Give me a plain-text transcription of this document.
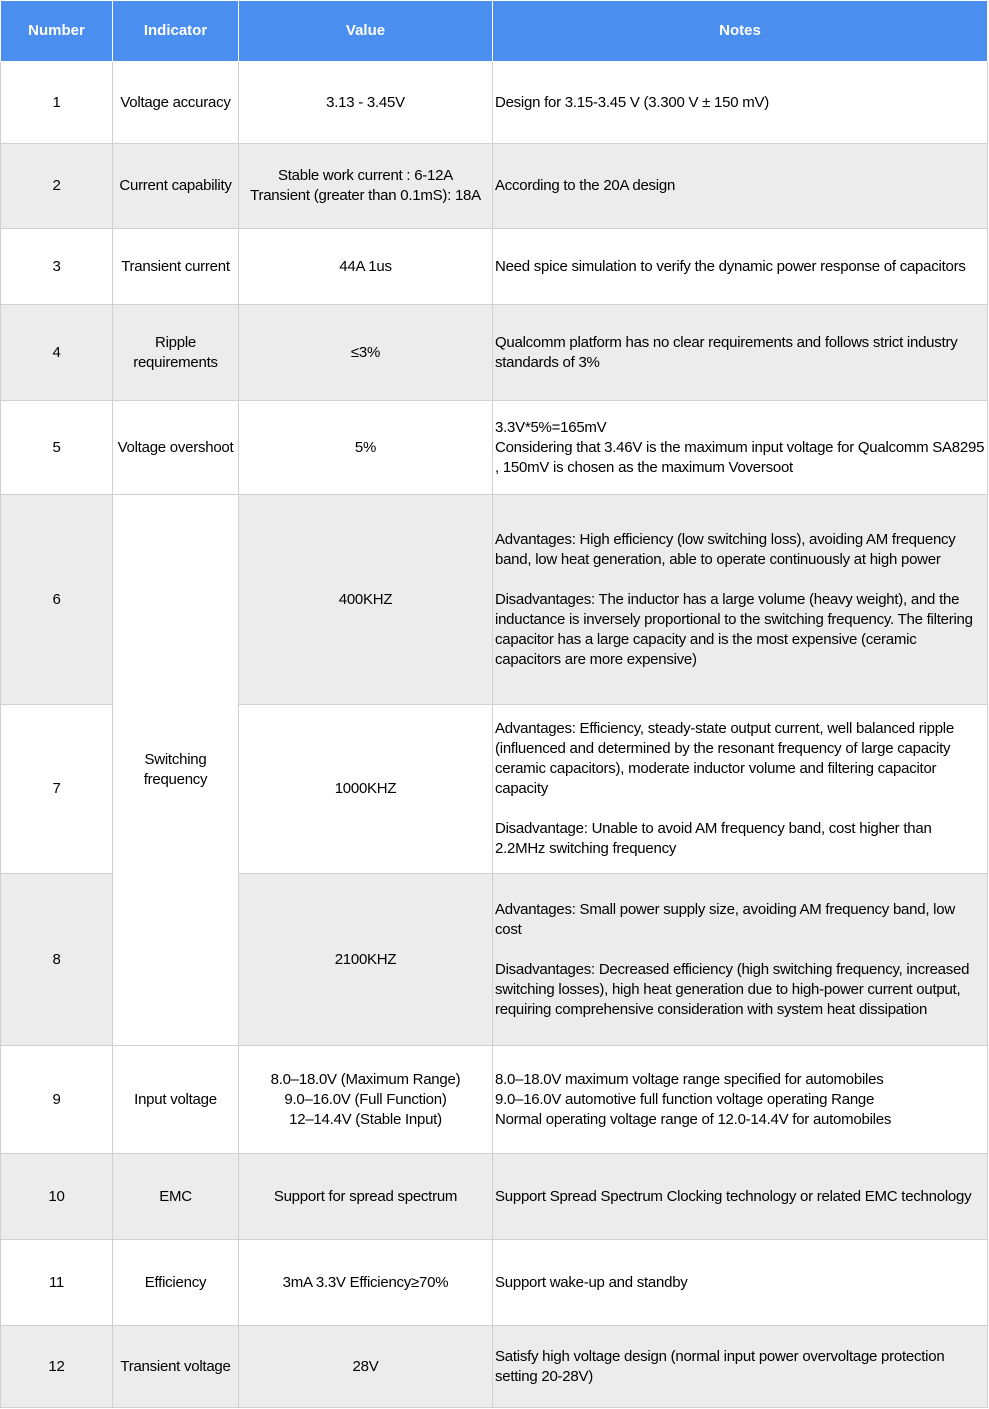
Number	Indicator	Value	Notes
1	Voltage accuracy	3.13 - 3.45V	Design for 3.15-3.45 V (3.300 V ± 150 mV)
2	Current capability	Stable work current : 6-12A
Transient (greater than 0.1mS): 18A	According to the 20A design
3	Transient current	44A 1us	Need spice simulation to verify the dynamic power response of capacitors
4	Ripple requirements	≤3%	Qualcomm platform has no clear requirements and follows strict industry standards of 3%
5	Voltage overshoot	5%	3.3V*5%=165mV
Considering that 3.46V is the maximum input voltage for Qualcomm SA8295 , 150mV is chosen as the maximum Voversoot
6	Switching frequency	400KHZ	Advantages: High efficiency (low switching loss), avoiding AM frequency band, low heat generation, able to operate continuously at high power

Disadvantages: The inductor has a large volume (heavy weight), and the inductance is inversely proportional to the switching frequency. The filtering capacitor has a large capacity and is the most expensive (ceramic capacitors are more expensive)
7		1000KHZ	Advantages: Efficiency, steady-state output current, well balanced ripple (influenced and determined by the resonant frequency of large capacity ceramic capacitors), moderate inductor volume and filtering capacitor capacity

Disadvantage: Unable to avoid AM frequency band, cost higher than 2.2MHz switching frequency
8		2100KHZ	Advantages: Small power supply size, avoiding AM frequency band, low cost

Disadvantages: Decreased efficiency (high switching frequency, increased switching losses), high heat generation due to high-power current output, requiring comprehensive consideration with system heat dissipation
9	Input voltage	8.0–18.0V (Maximum Range)
9.0–16.0V (Full Function)
12–14.4V (Stable Input)	8.0–18.0V maximum voltage range specified for automobiles
9.0–16.0V automotive full function voltage operating Range
Normal operating voltage range of 12.0-14.4V for automobiles
10	EMC	Support for spread spectrum	Support Spread Spectrum Clocking technology or related EMC technology
11	Efficiency	3mA 3.3V Efficiency≥70%	Support wake-up and standby
12	Transient voltage	28V	Satisfy high voltage design (normal input power overvoltage protection setting 20-28V)
